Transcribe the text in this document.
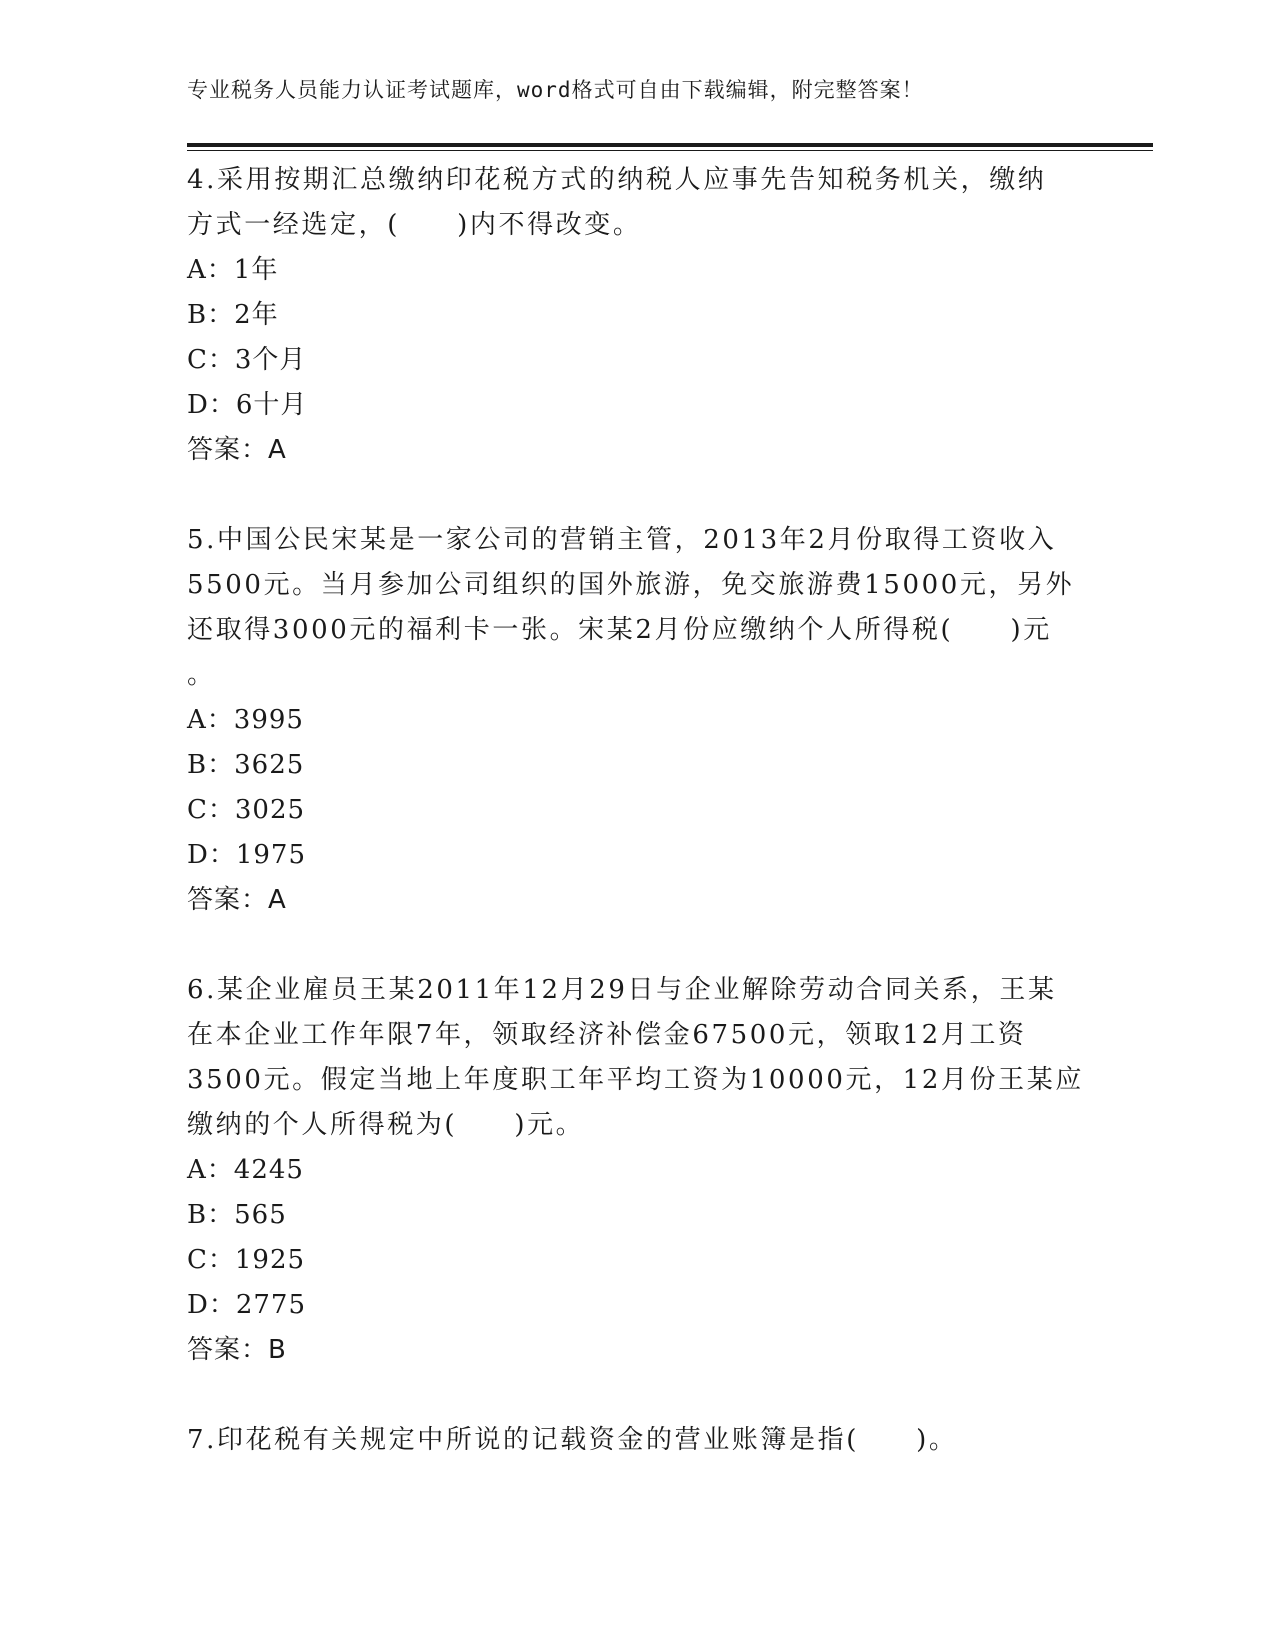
专业税务人员能力认证考试题库，word格式可自由下载编辑，附完整答案！
4.采用按期汇总缴纳印花税方式的纳税人应事先告知税务机关，缴纳
方式一经选定，(　　)内不得改变。
A：1年
B：2年
C：3个月
D：6十月
答案：A
5.中国公民宋某是一家公司的营销主管，2013年2月份取得工资收入
5500元。当月参加公司组织的国外旅游，免交旅游费15000元，另外
还取得3000元的福利卡一张。宋某2月份应缴纳个人所得税(　　)元
。
A：3995
B：3625
C：3025
D：1975
答案：A
6.某企业雇员王某2011年12月29日与企业解除劳动合同关系，王某
在本企业工作年限7年，领取经济补偿金67500元，领取12月工资
3500元。假定当地上年度职工年平均工资为10000元，12月份王某应
缴纳的个人所得税为(　　)元。
A：4245
B：565
C：1925
D：2775
答案：B
7.印花税有关规定中所说的记载资金的营业账簿是指(　　)。
